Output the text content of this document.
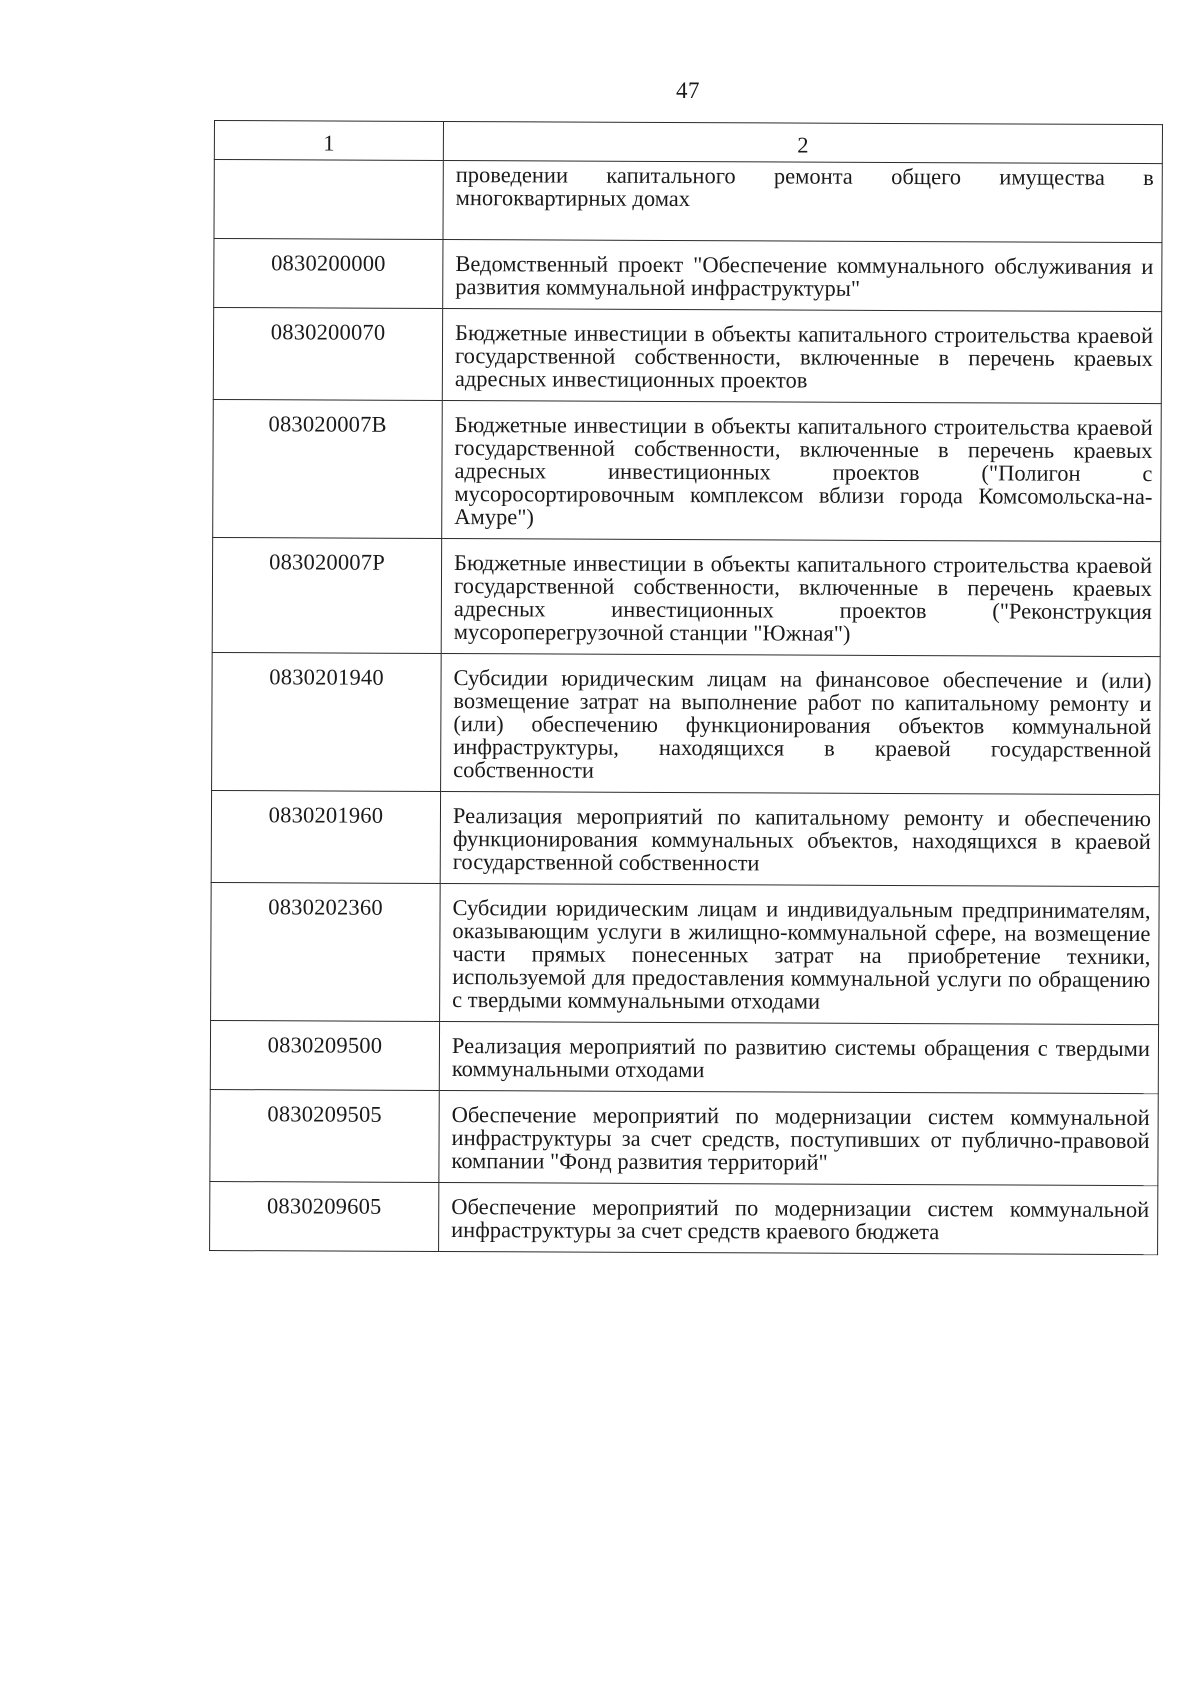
47
1	2
	проведении капитального ремонта общего имущества в многоквартирных домах
0830200000	Ведомственный проект "Обеспечение коммунального обслуживания и развития коммунальной инфраструктуры"
0830200070	Бюджетные инвестиции в объекты капитального строительства краевой государственной собственности, включенные в перечень краевых адресных инвестиционных проектов
083020007В	Бюджетные инвестиции в объекты капитального строительства краевой государственной собственности, включенные в перечень краевых адресных инвестиционных проектов ("Полигон с мусоросортировочным комплексом вблизи города Комсомольска-на-Амуре")
083020007Р	Бюджетные инвестиции в объекты капитального строительства краевой государственной собственности, включенные в перечень краевых адресных инвестиционных проектов ("Реконструкция мусороперегрузочной станции "Южная")
0830201940	Субсидии юридическим лицам на финансовое обеспечение и (или) возмещение затрат на выполнение работ по капитальному ремонту и (или) обеспечению функционирования объектов коммунальной инфраструктуры, находящихся в краевой государственной собственности
0830201960	Реализация мероприятий по капитальному ремонту и обеспечению функционирования коммунальных объектов, находящихся в краевой государственной собственности
0830202360	Субсидии юридическим лицам и индивидуальным предпринимателям, оказывающим услуги в жилищно-коммунальной сфере, на возмещение части прямых понесенных затрат на приобретение техники, используемой для предоставления коммунальной услуги по обращению с твердыми коммунальными отходами
0830209500	Реализация мероприятий по развитию системы обращения с твердыми коммунальными отходами
0830209505	Обеспечение мероприятий по модернизации систем коммунальной инфраструктуры за счет средств, поступивших от публично-правовой компании "Фонд развития территорий"
0830209605	Обеспечение мероприятий по модернизации систем коммунальной инфраструктуры за счет средств краевого бюджета
